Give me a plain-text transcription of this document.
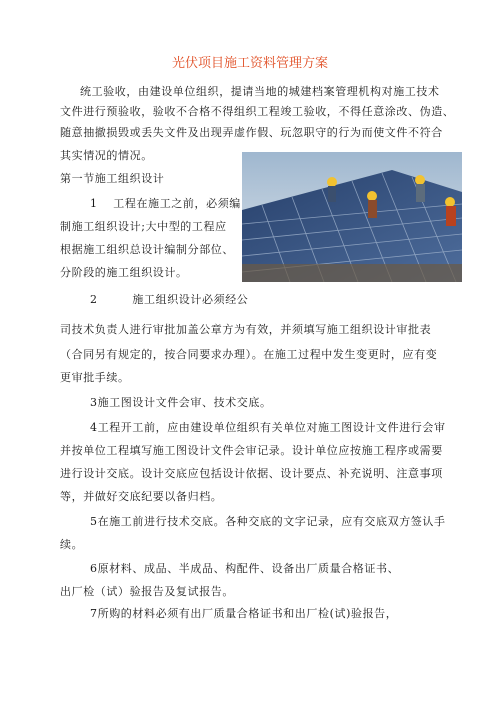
光伏项目施工资料管理方案
统工验收，由建设单位组织，提请当地的城建档案管理机构对施工技术
文件进行预验收，验收不合格不得组织工程竣工验收，不得任意涂改、伪造、
随意抽撤损毁或丢失文件及出现弄虚作假、玩忽职守的行为而使文件不符合
其实情况的情况。
第一节施工组织设计
1　 工程在施工之前，必须编
制施工组织设计;大中型的工程应
根据施工组织总设计编制分部位、
分阶段的施工组织设计。
2　　　施工组织设计必须经公
司技术负责人进行审批加盖公章方为有效，并须填写施工组织设计审批表
（合同另有规定的，按合同要求办理）。在施工过程中发生变更时，应有变
更审批手续。
3施工图设计文件会审、技术交底。
4工程开工前，应由建设单位组织有关单位对施工图设计文件进行会审
并按单位工程填写施工图设计文件会审记录。设计单位应按施工程序或需要
进行设计交底。设计交底应包括设计依据、设计要点、补充说明、注意事项
等，并做好交底纪要以备归档。
5在施工前进行技术交底。各种交底的文字记录，应有交底双方签认手
续。
6原材料、成品、半成品、构配件、设备出厂质量合格证书、
出厂检（试）验报告及复试报告。
7所购的材料必须有出厂质量合格证书和出厂检(试)验报告，
